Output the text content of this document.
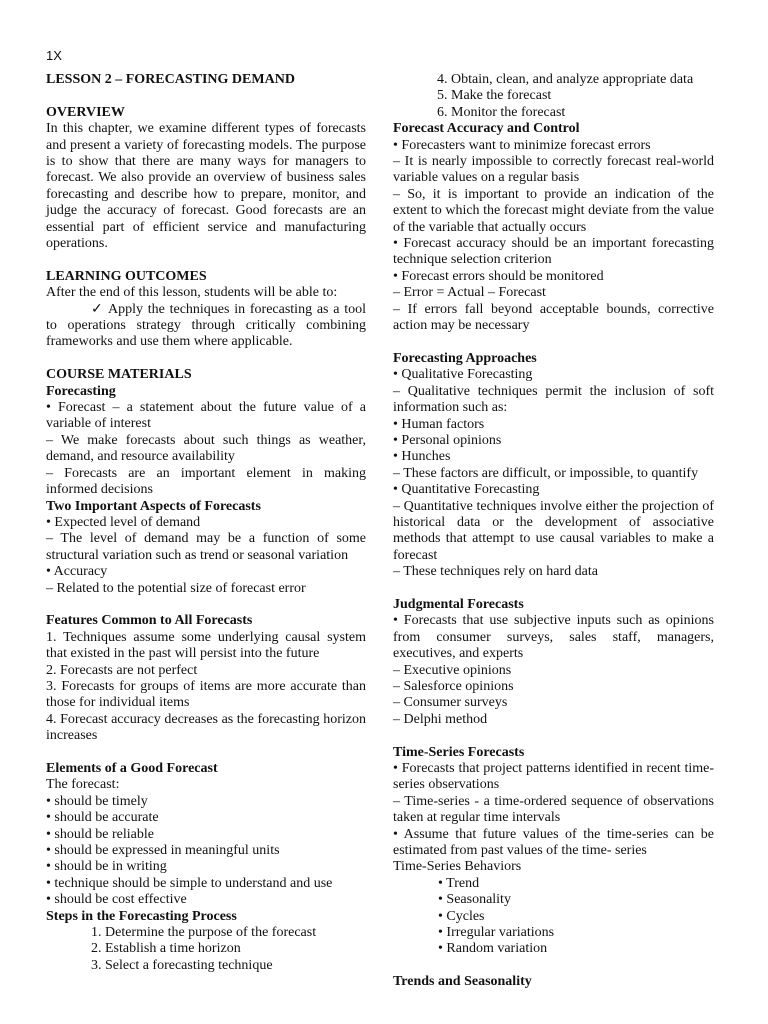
1X
LESSON 2 – FORECASTING DEMAND
OVERVIEW

In this chapter, we examine different types of forecasts and present a variety of forecasting models. The purpose is to show that there are many ways for managers to forecast. We also provide an overview of business sales forecasting and describe how to prepare, monitor, and judge the accuracy of forecast. Good forecasts are an essential part of efficient service and manufacturing operations.

LEARNING OUTCOMES
After the end of this lesson, students will be able to:

✓ Apply the techniques in forecasting as a tool to operations strategy through critically combining frameworks and use them where applicable.

COURSE MATERIALS
Forecasting

• Forecast – a statement about the future value of a variable of interest

– We make forecasts about such things as weather, demand, and resource availability

– Forecasts are an important element in making informed decisions

Two Important Aspects of Forecasts

• Expected level of demand

– The level of demand may be a function of some structural variation such as trend or seasonal variation

• Accuracy

– Related to the potential size of forecast error

Features Common to All Forecasts

1. Techniques assume some underlying causal system that existed in the past will persist into the future

2. Forecasts are not perfect

3. Forecasts for groups of items are more accurate than those for individual items

4. Forecast accuracy decreases as the forecasting horizon increases

Elements of a Good Forecast
The forecast:
• should be timely
• should be accurate
• should be reliable
• should be expressed in meaningful units
• should be in writing
• technique should be simple to understand and use
• should be cost effective
Steps in the Forecasting Process
1. Determine the purpose of the forecast
2. Establish a time horizon
3. Select a forecasting technique
4. Obtain, clean, and analyze appropriate data
5. Make the forecast
6. Monitor the forecast
Forecast Accuracy and Control

• Forecasters want to minimize forecast errors

– It is nearly impossible to correctly forecast real-world variable values on a regular basis

– So, it is important to provide an indication of the extent to which the forecast might deviate from the value of the variable that actually occurs

• Forecast accuracy should be an important forecasting technique selection criterion

• Forecast errors should be monitored

– Error = Actual – Forecast

– If errors fall beyond acceptable bounds, corrective action may be necessary

Forecasting Approaches

• Qualitative Forecasting

– Qualitative techniques permit the inclusion of soft information such as:

• Human factors

• Personal opinions

• Hunches

– These factors are difficult, or impossible, to quantify

• Quantitative Forecasting

– Quantitative techniques involve either the projection of historical data or the development of associative methods that attempt to use causal variables to make a forecast

– These techniques rely on hard data

Judgmental Forecasts

• Forecasts that use subjective inputs such as opinions from consumer surveys, sales staff, managers, executives, and experts

– Executive opinions

– Salesforce opinions

– Consumer surveys

– Delphi method

Time-Series Forecasts

• Forecasts that project patterns identified in recent time-series observations

– Time-series - a time-ordered sequence of observations taken at regular time intervals

• Assume that future values of the time-series can be estimated from past values of the time- series

Time-Series Behaviors
• Trend
• Seasonality
• Cycles
• Irregular variations
• Random variation
Trends and Seasonality
